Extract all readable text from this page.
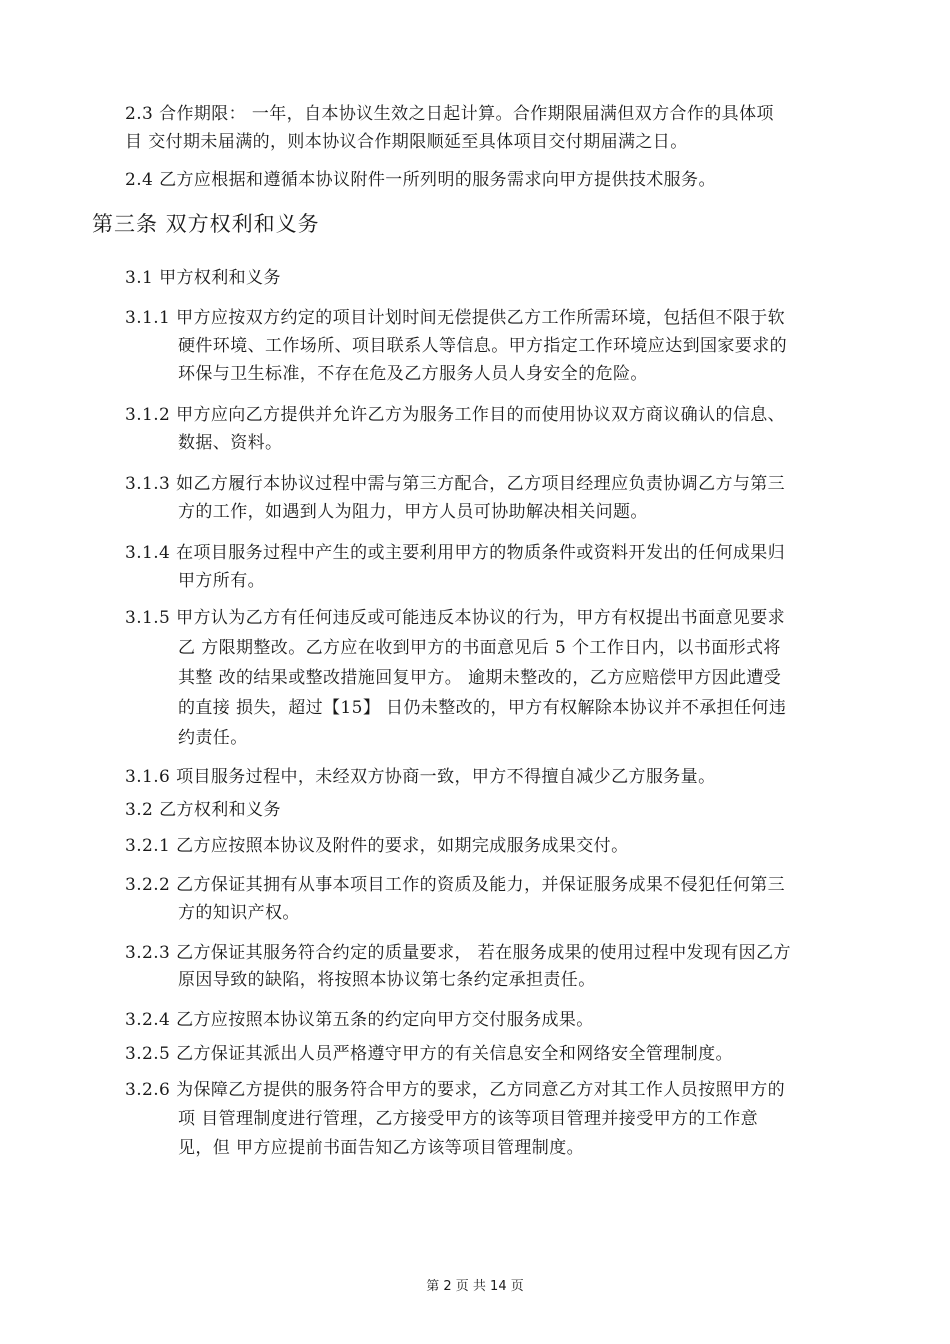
2.3 合作期限： 一年，自本协议生效之日起计算。合作期限届满但双方合作的具体项
目 交付期未届满的，则本协议合作期限顺延至具体项目交付期届满之日。
2.4 乙方应根据和遵循本协议附件一所列明的服务需求向甲方提供技术服务。
第三条 双方权利和义务
3.1 甲方权利和义务
3.1.1 甲方应按双方约定的项目计划时间无偿提供乙方工作所需环境，包括但不限于软
硬件环境、工作场所、项目联系人等信息。甲方指定工作环境应达到国家要求的
环保与卫生标准，不存在危及乙方服务人员人身安全的危险。
3.1.2 甲方应向乙方提供并允许乙方为服务工作目的而使用协议双方商议确认的信息、
数据、资料。
3.1.3 如乙方履行本协议过程中需与第三方配合，乙方项目经理应负责协调乙方与第三
方的工作，如遇到人为阻力，甲方人员可协助解决相关问题。
3.1.4 在项目服务过程中产生的或主要利用甲方的物质条件或资料开发出的任何成果归
甲方所有。
3.1.5 甲方认为乙方有任何违反或可能违反本协议的行为，甲方有权提出书面意见要求
乙 方限期整改。乙方应在收到甲方的书面意见后 5 个工作日内，以书面形式将
其整 改的结果或整改措施回复甲方。 逾期未整改的，乙方应赔偿甲方因此遭受
的直接 损失，超过【15】 日仍未整改的，甲方有权解除本协议并不承担任何违
约责任。
3.1.6 项目服务过程中，未经双方协商一致，甲方不得擅自减少乙方服务量。
3.2 乙方权利和义务
3.2.1 乙方应按照本协议及附件的要求，如期完成服务成果交付。
3.2.2 乙方保证其拥有从事本项目工作的资质及能力，并保证服务成果不侵犯任何第三
方的知识产权。
3.2.3 乙方保证其服务符合约定的质量要求， 若在服务成果的使用过程中发现有因乙方
原因导致的缺陷，将按照本协议第七条约定承担责任。
3.2.4 乙方应按照本协议第五条的约定向甲方交付服务成果。
3.2.5 乙方保证其派出人员严格遵守甲方的有关信息安全和网络安全管理制度。
3.2.6 为保障乙方提供的服务符合甲方的要求，乙方同意乙方对其工作人员按照甲方的
项 目管理制度进行管理，乙方接受甲方的该等项目管理并接受甲方的工作意
见，但 甲方应提前书面告知乙方该等项目管理制度。
第 2 页 共 14 页
